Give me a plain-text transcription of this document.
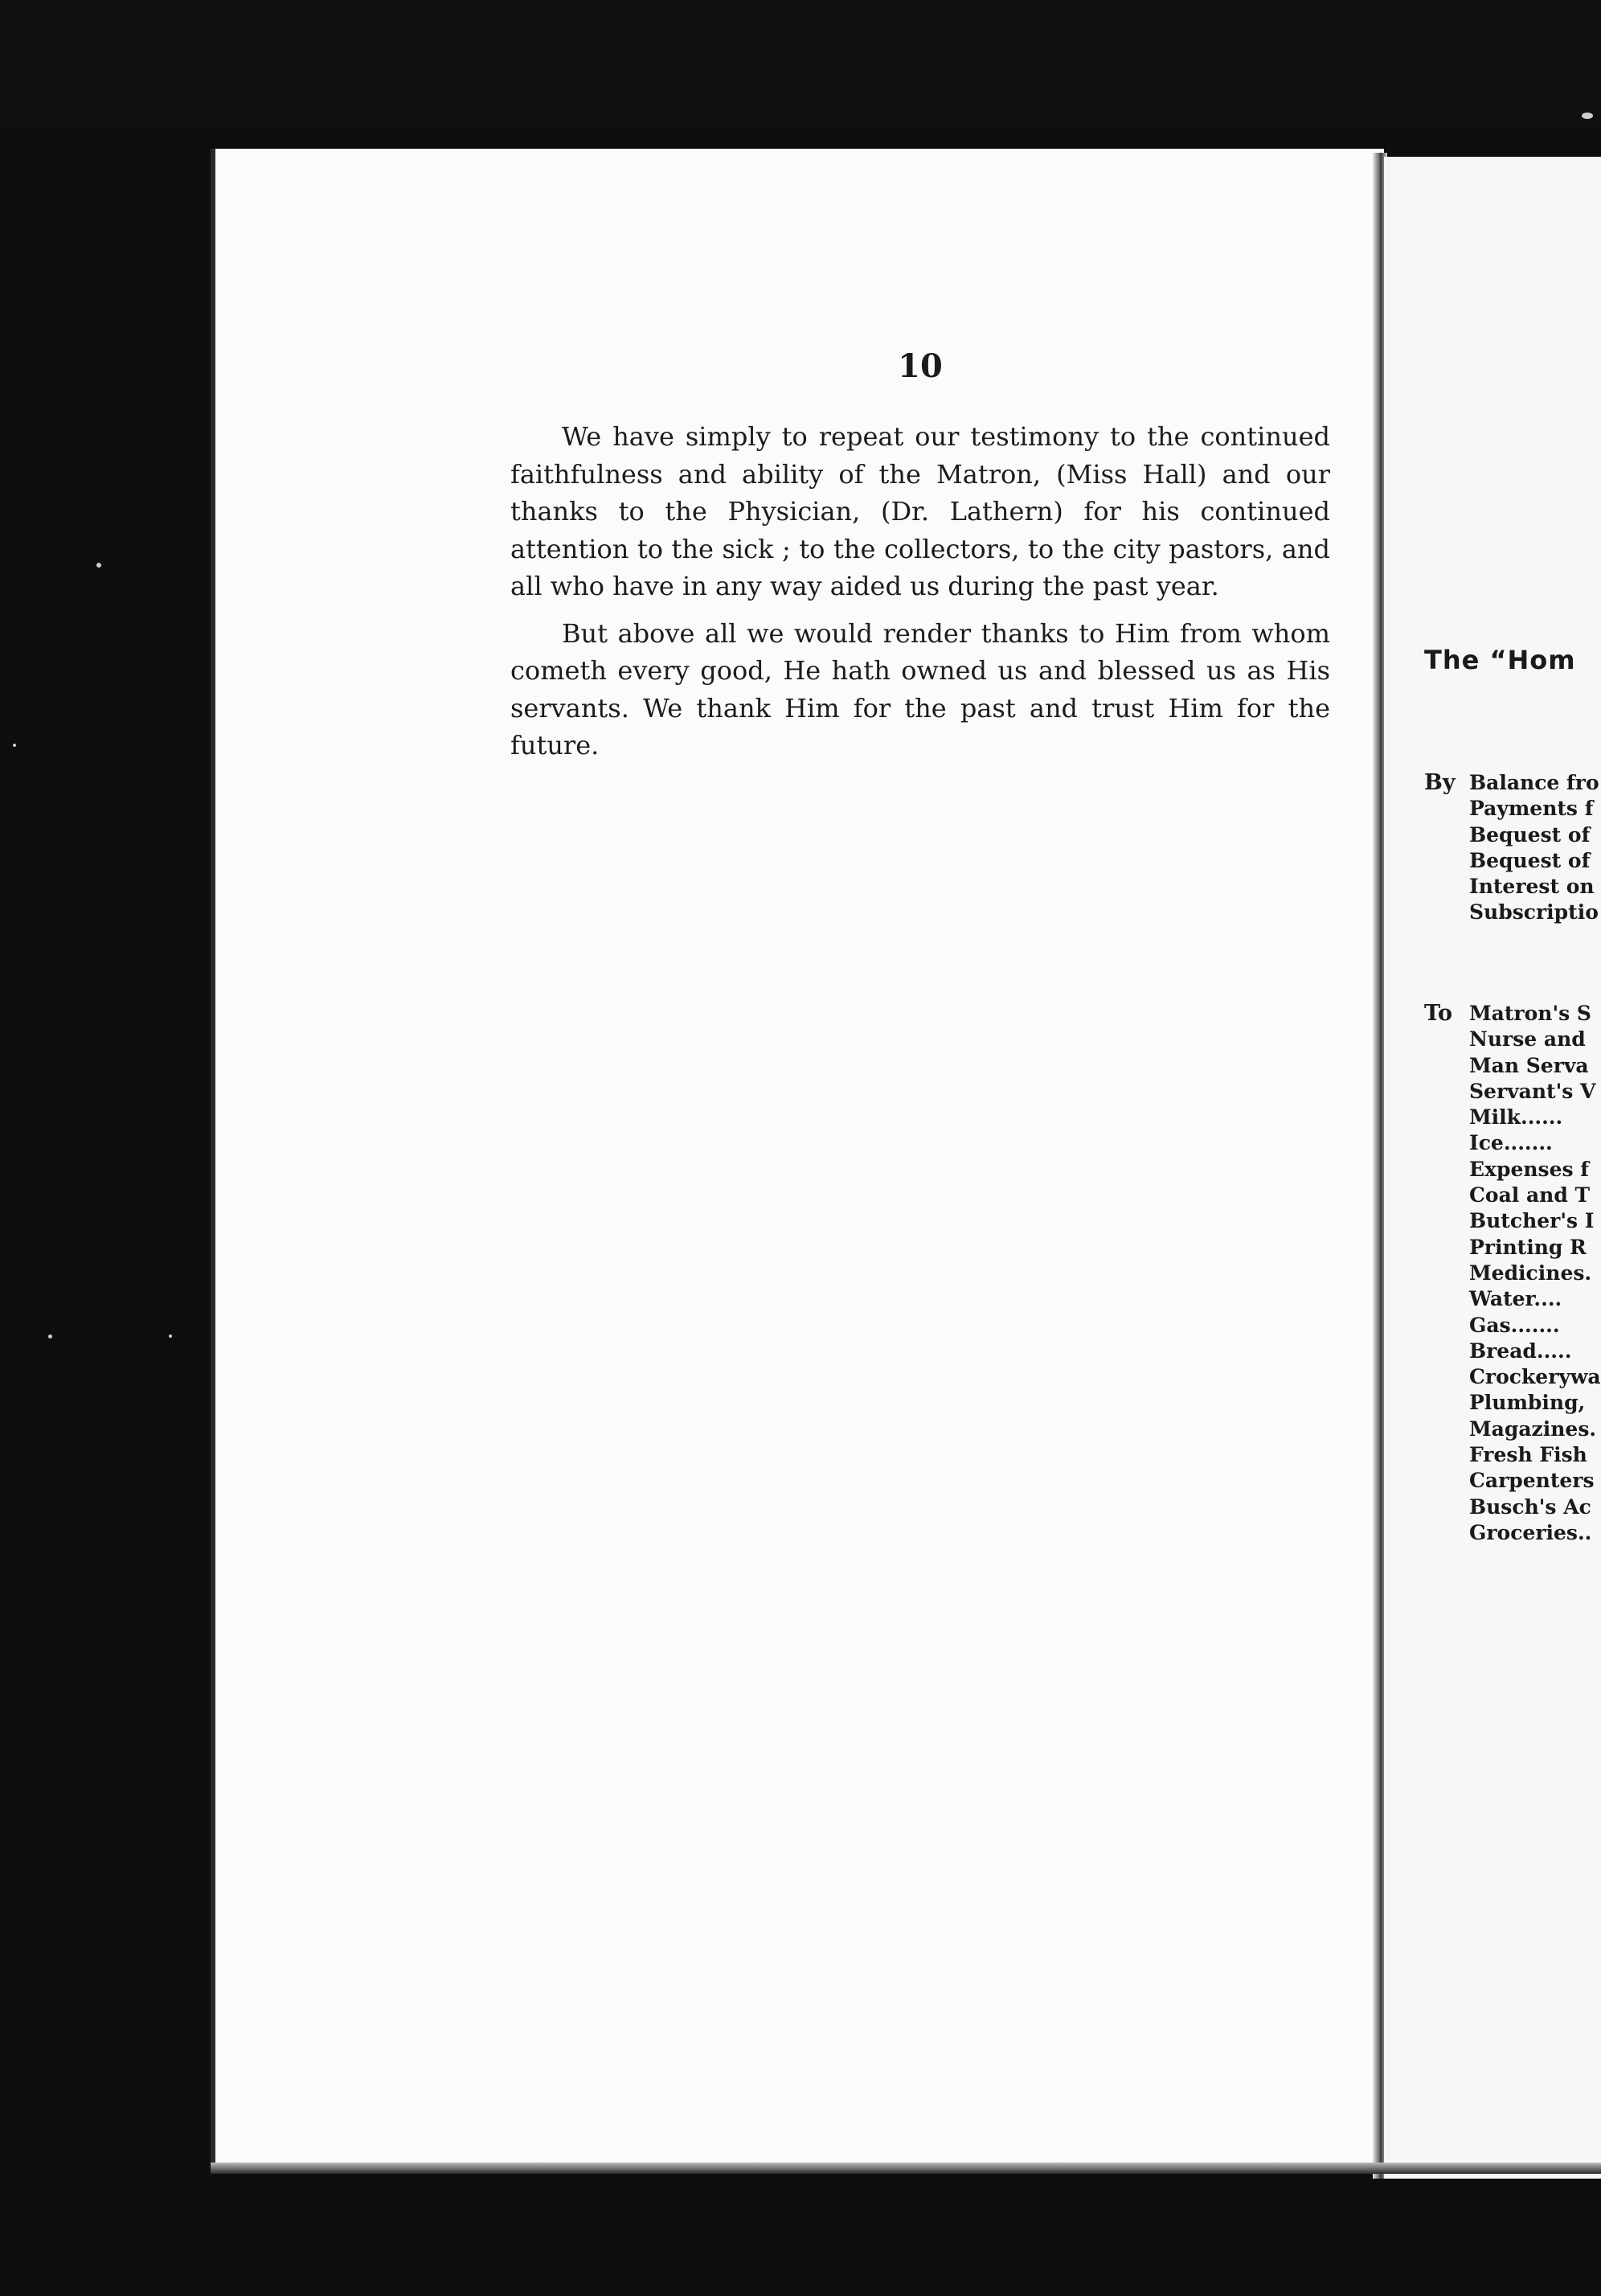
10

We have simply to repeat our testimony to the continued faithfulness and ability of the Matron, (Miss Hall) and our thanks to the Physician, (Dr. Lathern) for his continued attention to the sick ; to the collectors, to the city pastors, and all who have in any way aided us during the past year.

But above all we would render thanks to Him from whom cometh every good, He hath owned us and blessed us as His servants. We thank Him for the past and trust Him for the future.

The “Hom
By Balance fro
Payments f
Bequest of
Bequest of
Interest on
Subscriptio
To Matron's S
Nurse and
Man Serva
Servant's V
Milk......
Ice.......
Expenses f
Coal and T
Butcher's I
Printing R
Medicines.
Water....
Gas.......
Bread.....
Crockerywa
Plumbing,
Magazines.
Fresh Fish
Carpenters
Busch's Ac
Groceries..
